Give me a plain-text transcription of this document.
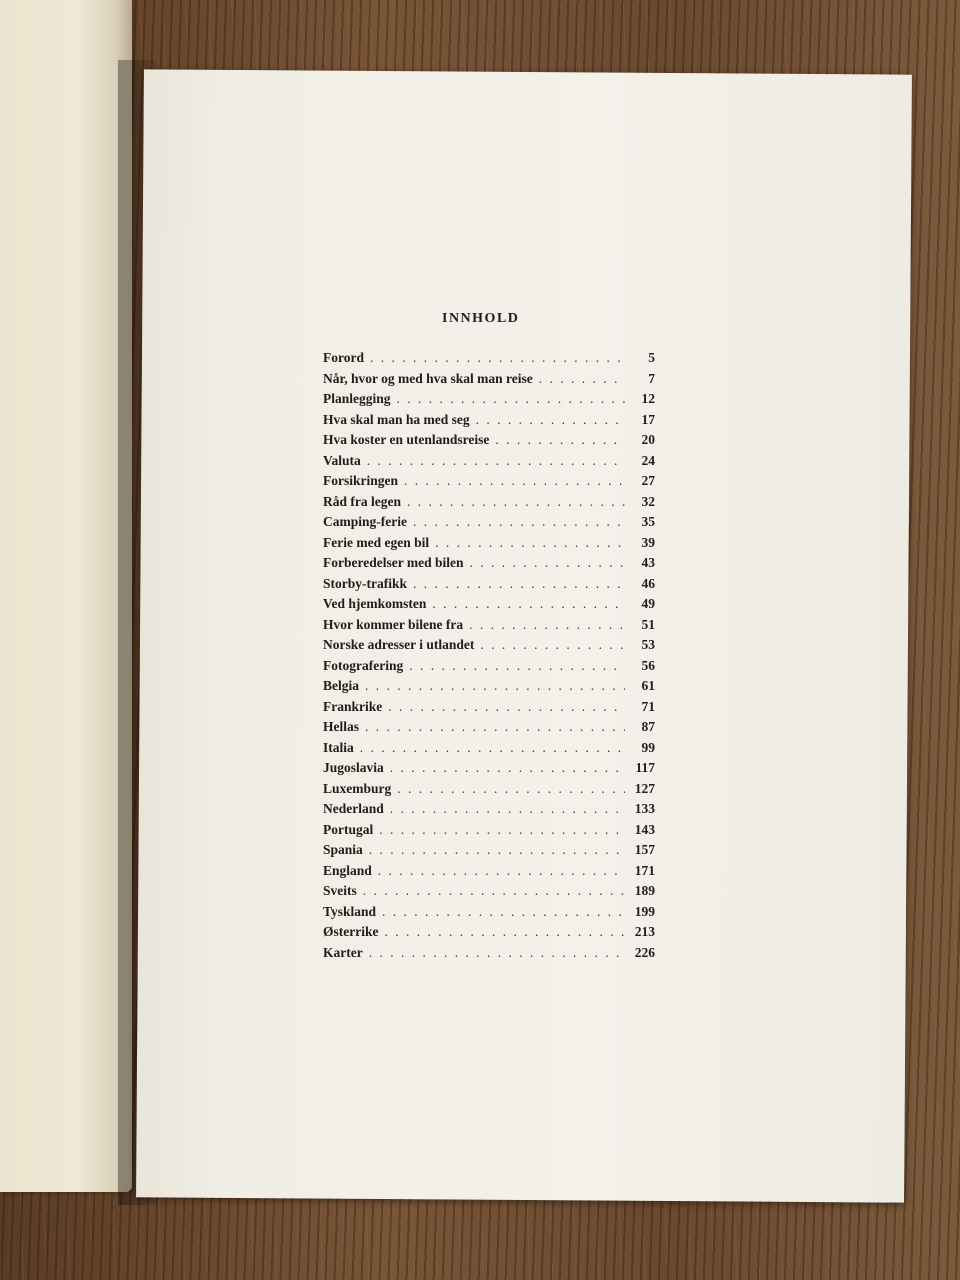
INNHOLD
Forord . . .	5
Når, hvor og med hva skal man reise . . .	7
Planlegging . . .	12
Hva skal man ha med seg . . .	17
Hva koster en utenlandsreise . . .	20
Valuta . . .	24
Forsikringen . . .	27
Råd fra legen . . .	32
Camping-ferie . . .	35
Ferie med egen bil . . .	39
Forberedelser med bilen . . .	43
Storby-trafikk . . .	46
Ved hjemkomsten . . .	49
Hvor kommer bilene fra . . .	51
Norske adresser i utlandet . . .	53
Fotografering . . .	56
Belgia . . .	61
Frankrike . . .	71
Hellas . . .	87
Italia . . .	99
Jugoslavia . . .	117
Luxemburg . . .	127
Nederland . . .	133
Portugal . . .	143
Spania . . .	157
England . . .	171
Sveits . . .	189
Tyskland . . .	199
Østerrike . . .	213
Karter . . .	226
